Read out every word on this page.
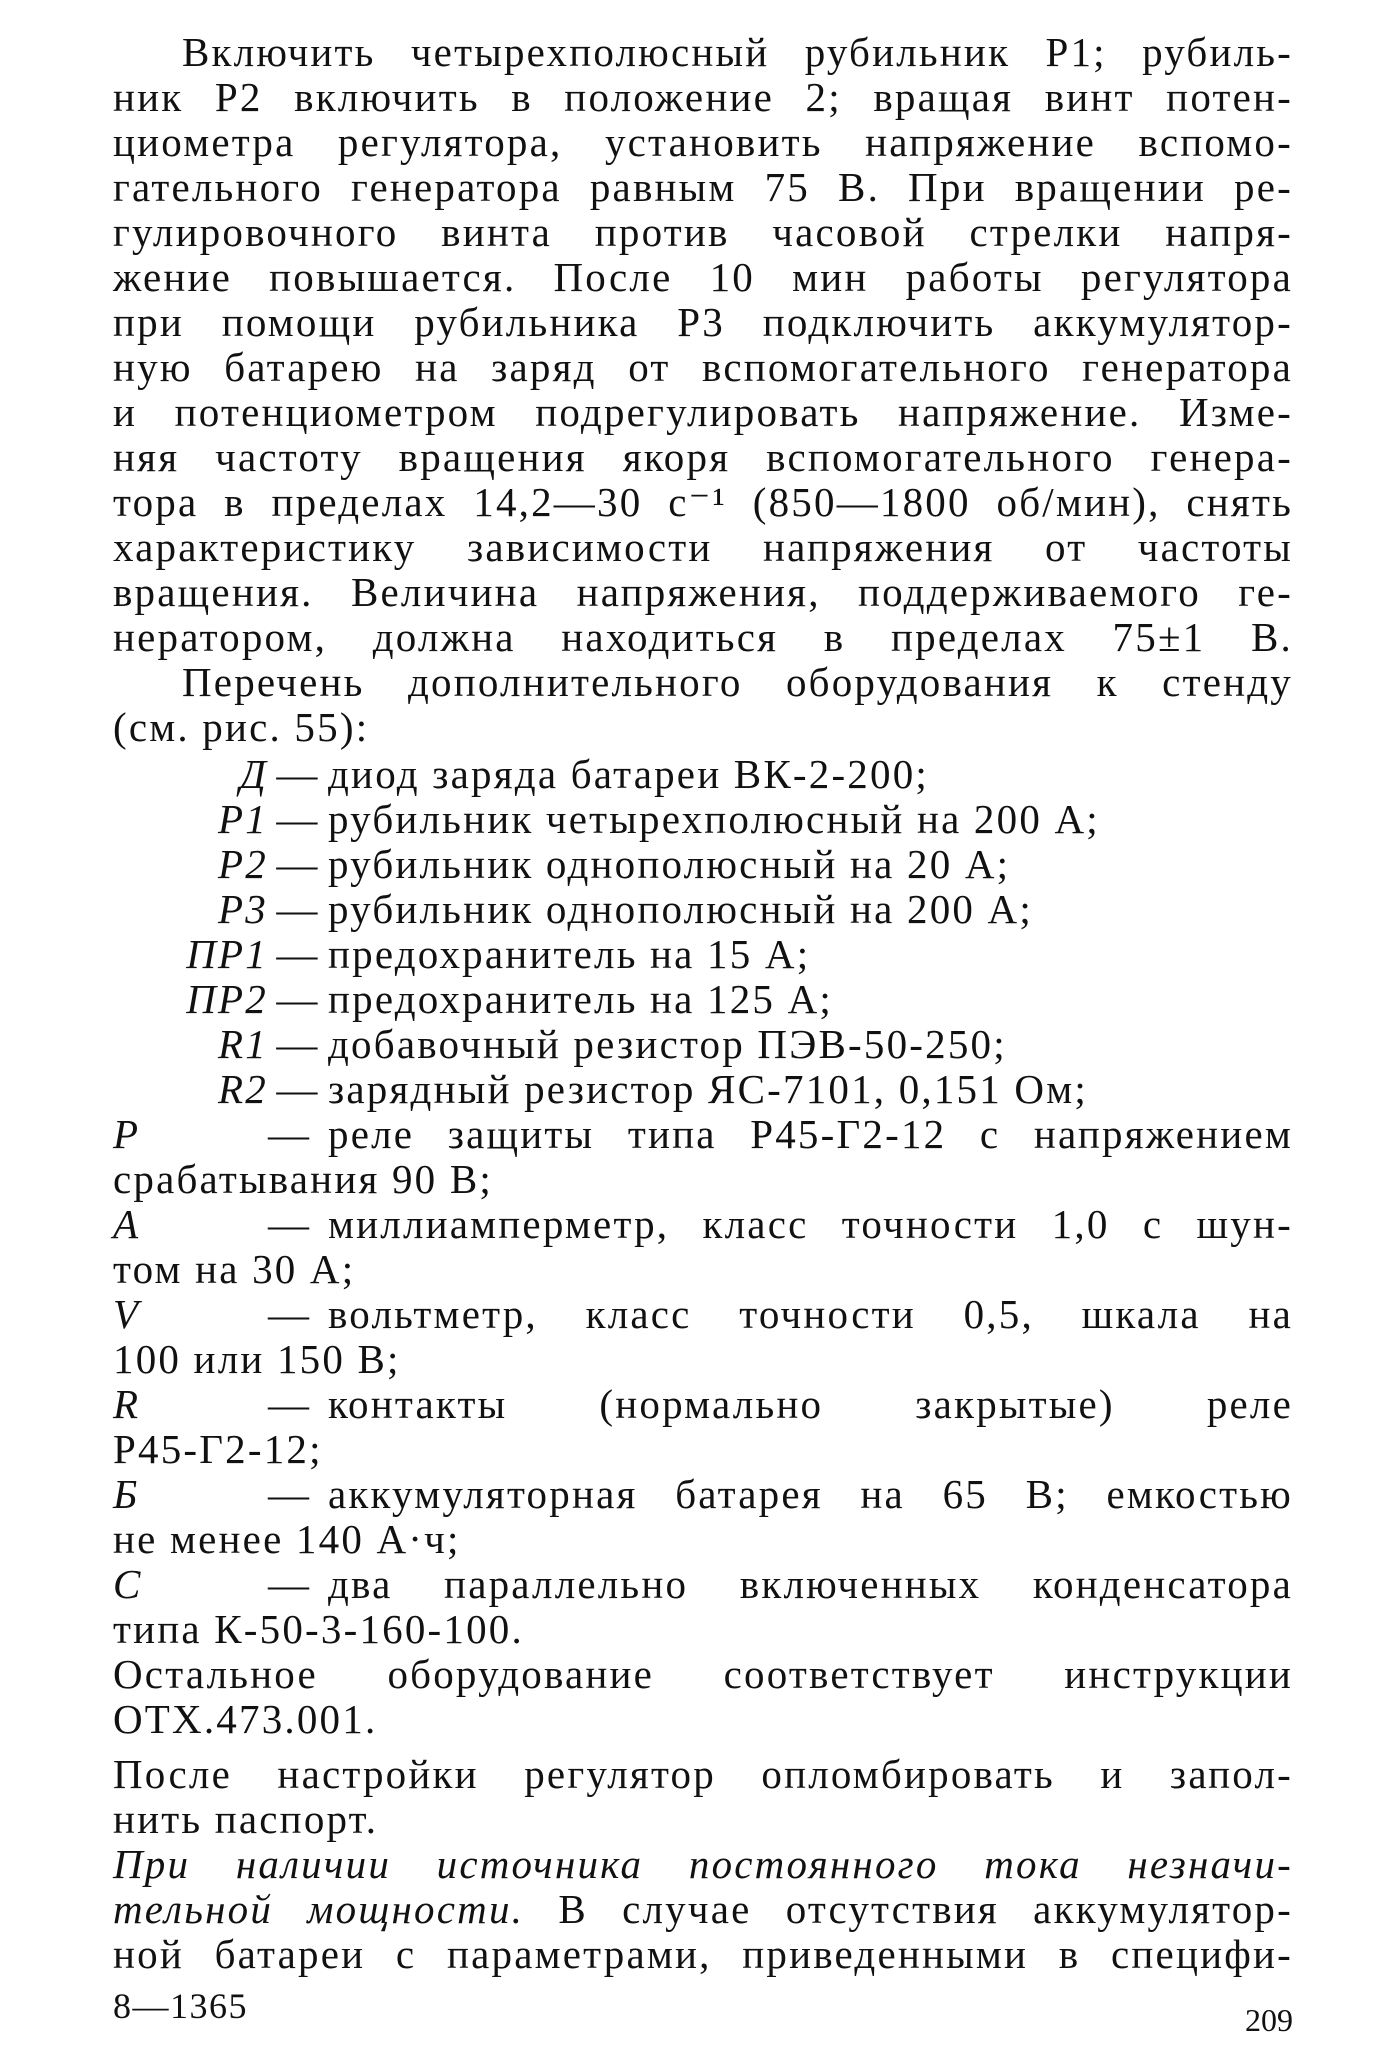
Включить четырехполюсный рубильник P1; рубиль-
ник P2 включить в положение 2; вращая винт потен-
циометра регулятора, установить напряжение вспомо-
гательного генератора равным 75 В. При вращении ре-
гулировочного винта против часовой стрелки напря-
жение повышается. После 10 мин работы регулятора
при помощи рубильника P3 подключить аккумулятор-
ную батарею на заряд от вспомогательного генератора
и потенциометром подрегулировать напряжение. Изме-
няя частоту вращения якоря вспомогательного генера-
тора в пределах 14,2—30 с⁻¹ (850—1800 об/мин), снять
характеристику зависимости напряжения от частоты
вращения. Величина напряжения, поддерживаемого ге-
нератором, должна находиться в пределах 75±1 В.
Перечень дополнительного оборудования к стенду
(см. рис. 55):
Д — диод заряда батареи ВК-2-200;
P1 — рубильник четырехполюсный на 200 А;
P2 — рубильник однополюсный на 20 А;
P3 — рубильник однополюсный на 200 А;
ПР1 — предохранитель на 15 А;
ПР2 — предохранитель на 125 А;
R1 — добавочный резистор ПЭВ-50-250;
R2 — зарядный резистор ЯС-7101, 0,151 Ом;
P	— реле защиты типа Р45-Г2-12 с напряжением
срабатывания 90 В;
A	— миллиамперметр, класс точности 1,0 с шун-
том на 30 А;
V	— вольтметр, класс точности 0,5, шкала на
100 или 150 В;
R	— контакты (нормально закрытые) реле
Р45-Г2-12;
Б	— аккумуляторная батарея на 65 В; емкостью
не менее 140 А·ч;
С	— два параллельно включенных конденсатора
типа К-50-3-160-100.
Остальное оборудование соответствует инструкции
ОТХ.473.001.
После настройки регулятор опломбировать и запол-
нить паспорт.
При наличии источника постоянного тока незначи-
тельной мощности. В случае отсутствия аккумулятор-
ной батареи с параметрами, приведенными в специфи-
8—1365	209
